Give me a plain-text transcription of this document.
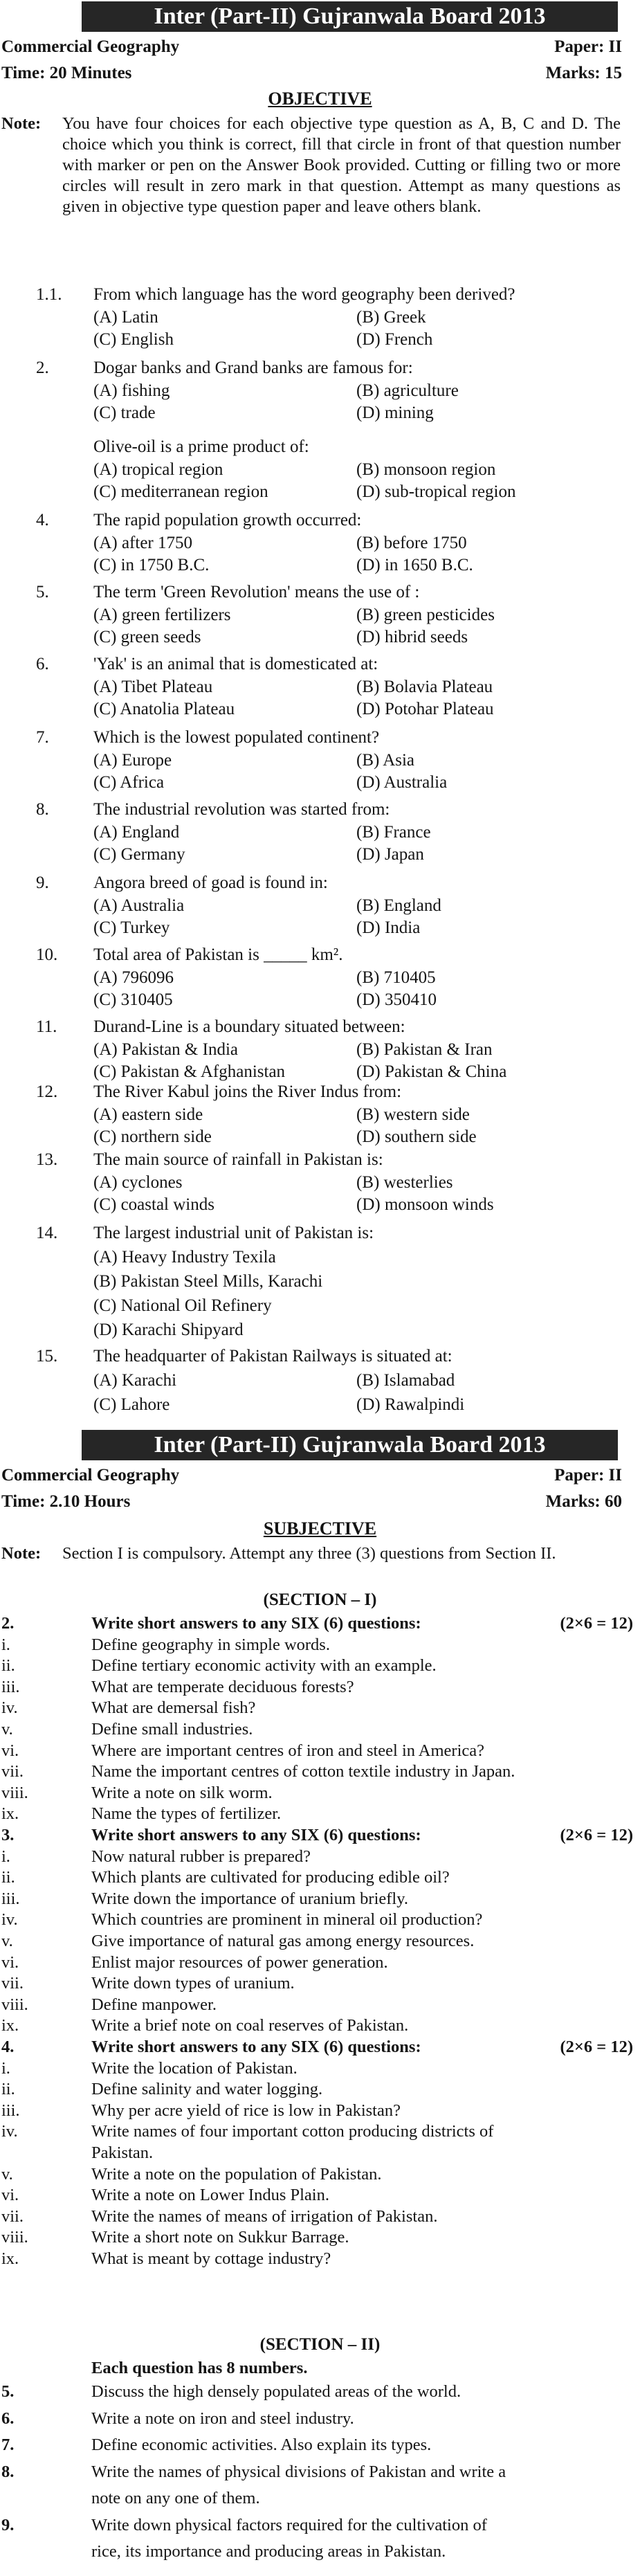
Inter (Part-II) Gujranwala Board 2013
Commercial Geography	Paper: II
Time: 20 Minutes	Marks: 15
OBJECTIVE
Note: You have four choices for each objective type question as A, B, C and D. The choice which you think is correct, fill that circle in front of that question number with marker or pen on the Answer Book provided. Cutting or filling two or more circles will result in zero mark in that question. Attempt as many questions as given in objective type question paper and leave others blank.
1.1. From which language has the word geography been derived?
(A) Latin	(B) Greek
(C) English	(D) French
2.	Dogar banks and Grand banks are famous for:
(A) fishing	(B) agriculture
(C) trade	(D) mining
Olive-oil is a prime product of:
(A) tropical region	(B) monsoon region
(C) mediterranean region	(D) sub-tropical region
4.	The rapid population growth occurred:
(A) after 1750	(B) before 1750
(C) in 1750 B.C.	(D) in 1650 B.C.
5.	The term 'Green Revolution' means the use of :
(A) green fertilizers	(B) green pesticides
(C) green seeds	(D) hibrid seeds
6.	'Yak' is an animal that is domesticated at:
(A) Tibet Plateau	(B) Bolavia Plateau
(C) Anatolia Plateau	(D) Potohar Plateau
7.	Which is the lowest populated continent?
(A) Europe	(B) Asia
(C) Africa	(D) Australia
8.	The industrial revolution was started from:
(A) England	(B) France
(C) Germany	(D) Japan
9.	Angora breed of goad is found in:
(A) Australia	(B) England
(C) Turkey	(D) India
10. Total area of Pakistan is _____ km².
(A) 796096	(B) 710405
(C) 310405	(D) 350410
11. Durand-Line is a boundary situated between:
(A) Pakistan & India	(B) Pakistan & Iran
(C) Pakistan & Afghanistan	(D) Pakistan & China
12. The River Kabul joins the River Indus from:
(A) eastern side	(B) western side
(C) northern side	(D) southern side
13. The main source of rainfall in Pakistan is:
(A) cyclones	(B) westerlies
(C) coastal winds	(D) monsoon winds
14. The largest industrial unit of Pakistan is:
(A) Heavy Industry Texila
(B) Pakistan Steel Mills, Karachi
(C) National Oil Refinery
(D) Karachi Shipyard
15. The headquarter of Pakistan Railways is situated at:
(A) Karachi	(B) Islamabad
(C) Lahore	(D) Rawalpindi
Inter (Part-II) Gujranwala Board 2013
Commercial Geography	Paper: II
Time: 2.10 Hours	Marks: 60
SUBJECTIVE
Note: Section I is compulsory. Attempt any three (3) questions from Section II.
(SECTION – I)
2.	Write short answers to any SIX (6) questions:	(2×6 = 12)
i.	Define geography in simple words.
ii.	Define tertiary economic activity with an example.
iii.	What are temperate deciduous forests?
iv.	What are demersal fish?
v.	Define small industries.
vi.	Where are important centres of iron and steel in America?
vii.	Name the important centres of cotton textile industry in Japan.
viii.	Write a note on silk worm.
ix.	Name the types of fertilizer.
3.	Write short answers to any SIX (6) questions:	(2×6 = 12)
i.	Now natural rubber is prepared?
ii.	Which plants are cultivated for producing edible oil?
iii.	Write down the importance of uranium briefly.
iv.	Which countries are prominent in mineral oil production?
v.	Give importance of natural gas among energy resources.
vi.	Enlist major resources of power generation.
vii.	Write down types of uranium.
viii.	Define manpower.
ix.	Write a brief note on coal reserves of Pakistan.
4.	Write short answers to any SIX (6) questions:	(2×6 = 12)
i.	Write the location of Pakistan.
ii.	Define salinity and water logging.
iii.	Why per acre yield of rice is low in Pakistan?
iv.	Write names of four important cotton producing districts of
Pakistan.
v.	Write a note on the population of Pakistan.
vi.	Write a note on Lower Indus Plain.
vii.	Write the names of means of irrigation of Pakistan.
viii.	Write a short note on Sukkur Barrage.
ix.	What is meant by cottage industry?
(SECTION – II)
Each question has 8 numbers.
5.	Discuss the high densely populated areas of the world.
6.	Write a note on iron and steel industry.
7.	Define economic activities. Also explain its types.
8.	Write the names of physical divisions of Pakistan and write a
note on any one of them.
9.	Write down physical factors required for the cultivation of
rice, its importance and producing areas in Pakistan.
